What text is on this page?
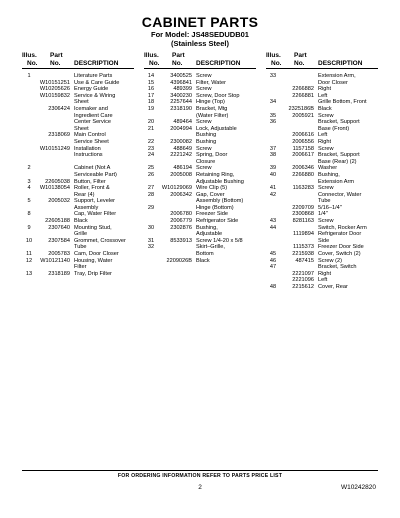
CABINET PARTS
For Model: JS48SEDUDB01
(Stainless Steel)
Illus.
No.
Part
No. DESCRIPTION
1	Literature Parts
W10151251 Use & Care Guide
W10205626 Energy Guide
W10159832 Service & Wiring
Sheet
2306424 Icemaker and
Ingredient Care
Center Service
Sheet
2318069 Main Control
Service Sheet
W10151249 Installation
Instructions
2	Cabinet (Not A
Serviceable Part)
3	22605038 Button, Filter
4	W10138054 Roller, Front &
Rear (4)
5	2005032 Support, Leveler
Assembly
8	Cap, Water Filter
22605188 Black
9	2307640 Mounting Stud,
Grille
10	2307584 Grommet, Crossover
Tube
11	2005783 Cam, Door Closer
12	W10121140 Housing, Water
Filter
13	2318189 Tray, Drip Filter
Illus.
No.
Part
No. DESCRIPTION
14	3400525 Screw
15	4396841 Filter, Water
16	489399 Screw
17	3400230 Screw, Door Stop
18	2257644 Hinge (Top)
19	2318190 Bracket, Mtg
(Water Filter)
20	489464 Screw
21	2004994 Lock, Adjustable
Bushing
22	2300082 Bushing
23	488649 Screw
24	2221242 Spring, Door
Closure
25	486194 Screw
26	2005008 Retaining Ring,
Adjustable Bushing
27	W10129069 Wire Clip (5)
28	2006342 Gap, Cover
Assembly (Bottom)
29	Hinge (Bottom)
2006780 Freezer Side
2006779 Refrigerator Side
30	2302876 Bushing,
Adjustable
31	8533913 Screw 1/4-20 x 5/8
32	Skirt–Grille,
Bottom
2209026B Black
Illus.
No.
Part
No. DESCRIPTION
33	Extension Arm,
Door Closer
2266882 Right
2266881 Left
34	Grille Bottom, Front
2325186B Black
35	2005921 Screw
36	Bracket, Support
Base (Front)
2006616 Left
2006556 Right
37	1157158 Screw
38	2006617 Bracket, Support
Base (Rear) (2)
39	2006346 Washer
40	2266880 Bushing,
Extension Arm
41	1163283 Screw
42	Connector, Water
Tube
2209709 5/16–1/4"
2300868 1/4"
43	8281163 Screw
44	Switch, Rocker Arm
1119894 Refrigerator Door
Side
1115373 Freezer Door Side
45	2215938 Cover, Switch (2)
46	487415 Screw (2)
47	Bracket, Switch
2221097 Right
2221096 Left
48	2215612 Cover, Rear
FOR ORDERING INFORMATION REFER TO PARTS PRICE LIST
2	W10242820
